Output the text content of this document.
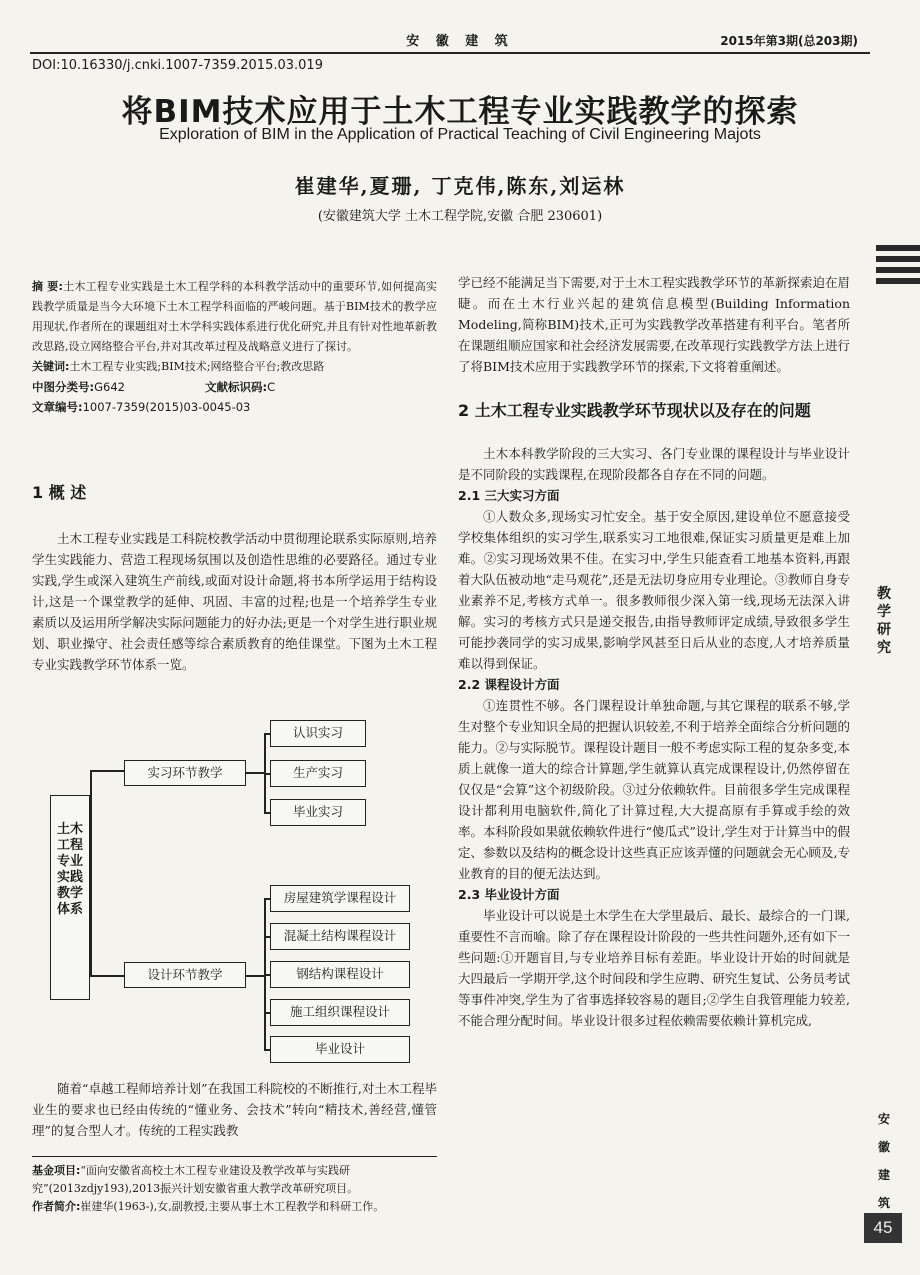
安 徽 建 筑	2015年第3期(总203期)
DOI:10.16330/j.cnki.1007-7359.2015.03.019
将BIM技术应用于土木工程专业实践教学的探索
Exploration of BIM in the Application of Practical Teaching of Civil Engineering Majots
崔建华,夏珊, 丁克伟,陈东,刘运林
(安徽建筑大学 土木工程学院,安徽 合肥 230601)
教学研究
安徽建筑
45

摘 要:土木工程专业实践是土木工程学科的本科教学活动中的重要环节,如何提高实践教学质量是当今大环境下土木工程学科面临的严峻问题。基于BIM技术的教学应用现状,作者所在的课题组对土木学科实践体系进行优化研究,并且有针对性地革新教改思路,设立网络整合平台,并对其改革过程及战略意义进行了探讨。

关键词:土木工程专业实践;BIM技术;网络整合平台;教改思路

中图分类号:G642	文献标识码:C

文章编号:1007-7359(2015)03-0045-03

1 概 述

土木工程专业实践是工科院校教学活动中贯彻理论联系实际原则,培养学生实践能力、营造工程现场氛围以及创造性思维的必要路径。通过专业实践,学生或深入建筑生产前线,或面对设计命题,将书本所学运用于结构设计,这是一个课堂教学的延伸、巩固、丰富的过程;也是一个培养学生专业素质以及运用所学解决实际问题能力的好办法;更是一个对学生进行职业规划、职业操守、社会责任感等综合素质教育的绝佳课堂。下图为土木工程专业实践教学环节体系一览。

土木工程专业实践教学体系
实习环节教学
设计环节教学
认识实习
生产实习
毕业实习
房屋建筑学课程设计
混凝土结构课程设计
钢结构课程设计
施工组织课程设计
毕业设计

随着“卓越工程师培养计划”在我国工科院校的不断推行,对土木工程毕业生的要求也已经由传统的“懂业务、会技术”转向“精技术,善经营,懂管理”的复合型人才。传统的工程实践教

基金项目:“面向安徽省高校土木工程专业建设及教学改革与实践研究”(2013zdjy193),2013振兴计划安徽省重大教学改革研究项目。
作者简介:崔建华(1963-),女,副教授,主要从事土木工程教学和科研工作。

学已经不能满足当下需要,对于土木工程实践教学环节的革新探索迫在眉睫。而在土木行业兴起的建筑信息模型(Building Information Modeling,简称BIM)技术,正可为实践教学改革搭建有利平台。笔者所在课题组顺应国家和社会经济发展需要,在改革现行实践教学方法上进行了将BIM技术应用于实践教学环节的探索,下文将着重阐述。

2 土木工程专业实践教学环节现状以及存在的问题

土木本科教学阶段的三大实习、各门专业课的课程设计与毕业设计是不同阶段的实践课程,在现阶段都各自存在不同的问题。

2.1 三大实习方面

①人数众多,现场实习忙安全。基于安全原因,建设单位不愿意接受学校集体组织的实习学生,联系实习工地很难,保证实习质量更是难上加难。②实习现场效果不佳。在实习中,学生只能查看工地基本资料,再跟着大队伍被动地“走马观花”,还是无法切身应用专业理论。③教师自身专业素养不足,考核方式单一。很多教师很少深入第一线,现场无法深入讲解。实习的考核方式只是递交报告,由指导教师评定成绩,导致很多学生可能抄袭同学的实习成果,影响学风甚至日后从业的态度,人才培养质量难以得到保证。

2.2 课程设计方面

①连贯性不够。各门课程设计单独命题,与其它课程的联系不够,学生对整个专业知识全局的把握认识较差,不利于培养全面综合分析问题的能力。②与实际脱节。课程设计题目一般不考虑实际工程的复杂多变,本质上就像一道大的综合计算题,学生就算认真完成课程设计,仍然停留在仅仅是“会算”这个初级阶段。③过分依赖软件。目前很多学生完成课程设计都利用电脑软件,简化了计算过程,大大提高原有手算或手绘的效率。本科阶段如果就依赖软件进行“傻瓜式”设计,学生对于计算当中的假定、参数以及结构的概念设计这些真正应该弄懂的问题就会无心顾及,专业教育的目的便无法达到。

2.3 毕业设计方面

毕业设计可以说是土木学生在大学里最后、最长、最综合的一门课,重要性不言而喻。除了存在课程设计阶段的一些共性问题外,还有如下一些问题:①开题盲目,与专业培养目标有差距。毕业设计开始的时间就是大四最后一学期开学,这个时间段和学生应聘、研究生复试、公务员考试等事件冲突,学生为了省事选择较容易的题目;②学生自我管理能力较差,不能合理分配时间。毕业设计很多过程依赖需要依赖计算机完成,
